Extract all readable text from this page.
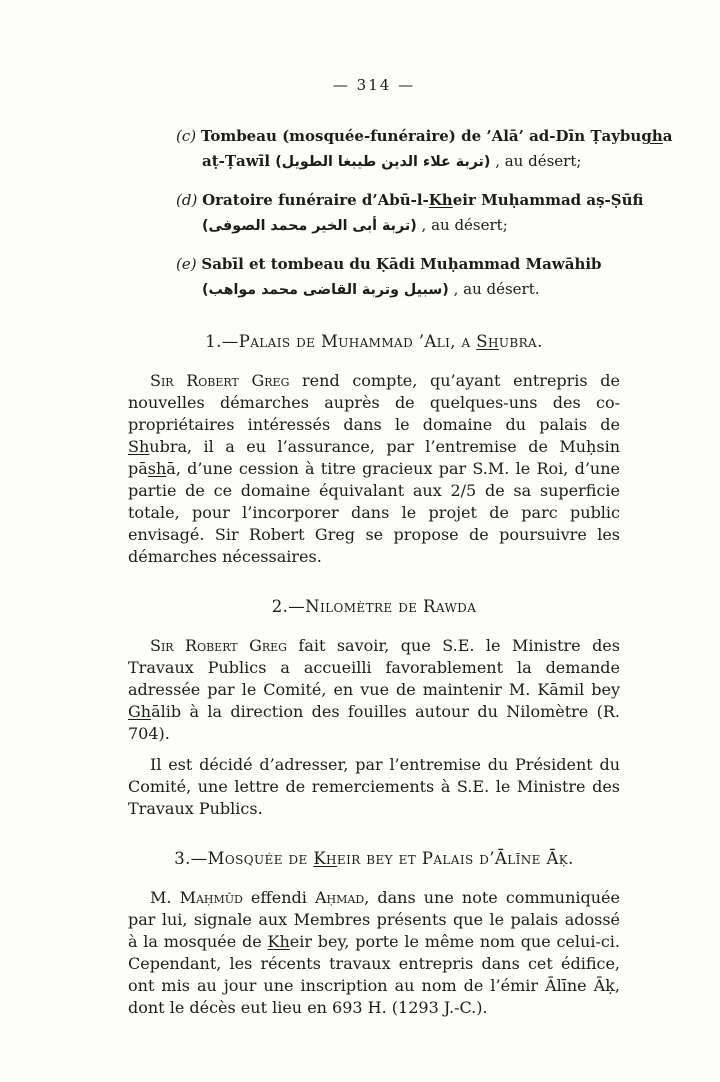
— 314 —
(c) Tombeau (mosquée-funéraire) de ’Alā’ ad-Dīn Ṭaybugha
aṭ-Ṭawīl (تربة علاء الدين طيبغا الطويل) , au désert;
(d) Oratoire funéraire d’Abū-l-Kheir Muḥammad aṣ-Ṣūfi
(تربة أبى الخير محمد الصوفى) , au désert;
(e) Sabīl et tombeau du Ḳādi Muḥammad Mawāhib
(سبيل وتربة القاضى محمد مواهب) , au désert.
1.—Palais de Muhammad ’Ali, a Shubra.

Sir Robert Greg rend compte, qu’ayant entrepris de nouvelles démarches auprès de quelques-uns des co-propriétaires intéressés dans le domaine du palais de Shubra, il a eu l’assurance, par l’entremise de Muḥsin pāshā, d’une cession à titre gracieux par S.M. le Roi, d’une partie de ce domaine équivalant aux 2/5 de sa superficie totale, pour l’incorporer dans le projet de parc public envisagé. Sir Robert Greg se propose de poursuivre les démarches nécessaires.

2.—Nilomètre de Rawda

Sir Robert Greg fait savoir, que S.E. le Ministre des Travaux Publics a accueilli favorablement la demande adressée par le Comité, en vue de maintenir M. Kāmil bey Ghālib à la direction des fouilles autour du Nilomètre (R. 704).

Il est décidé d’adresser, par l’entremise du Président du Comité, une lettre de remerciements à S.E. le Ministre des Travaux Publics.

3.—Mosquée de Kheir bey et Palais d’Ālīne Āḳ.

M. Maḥmūd effendi Aḥmad, dans une note communiquée par lui, signale aux Membres présents que le palais adossé à la mosquée de Kheir bey, porte le même nom que celui-ci. Cependant, les récents travaux entrepris dans cet édifice, ont mis au jour une inscription au nom de l’émir Ālīne Āḳ, dont le décès eut lieu en 693 H. (1293 J.-C.).
